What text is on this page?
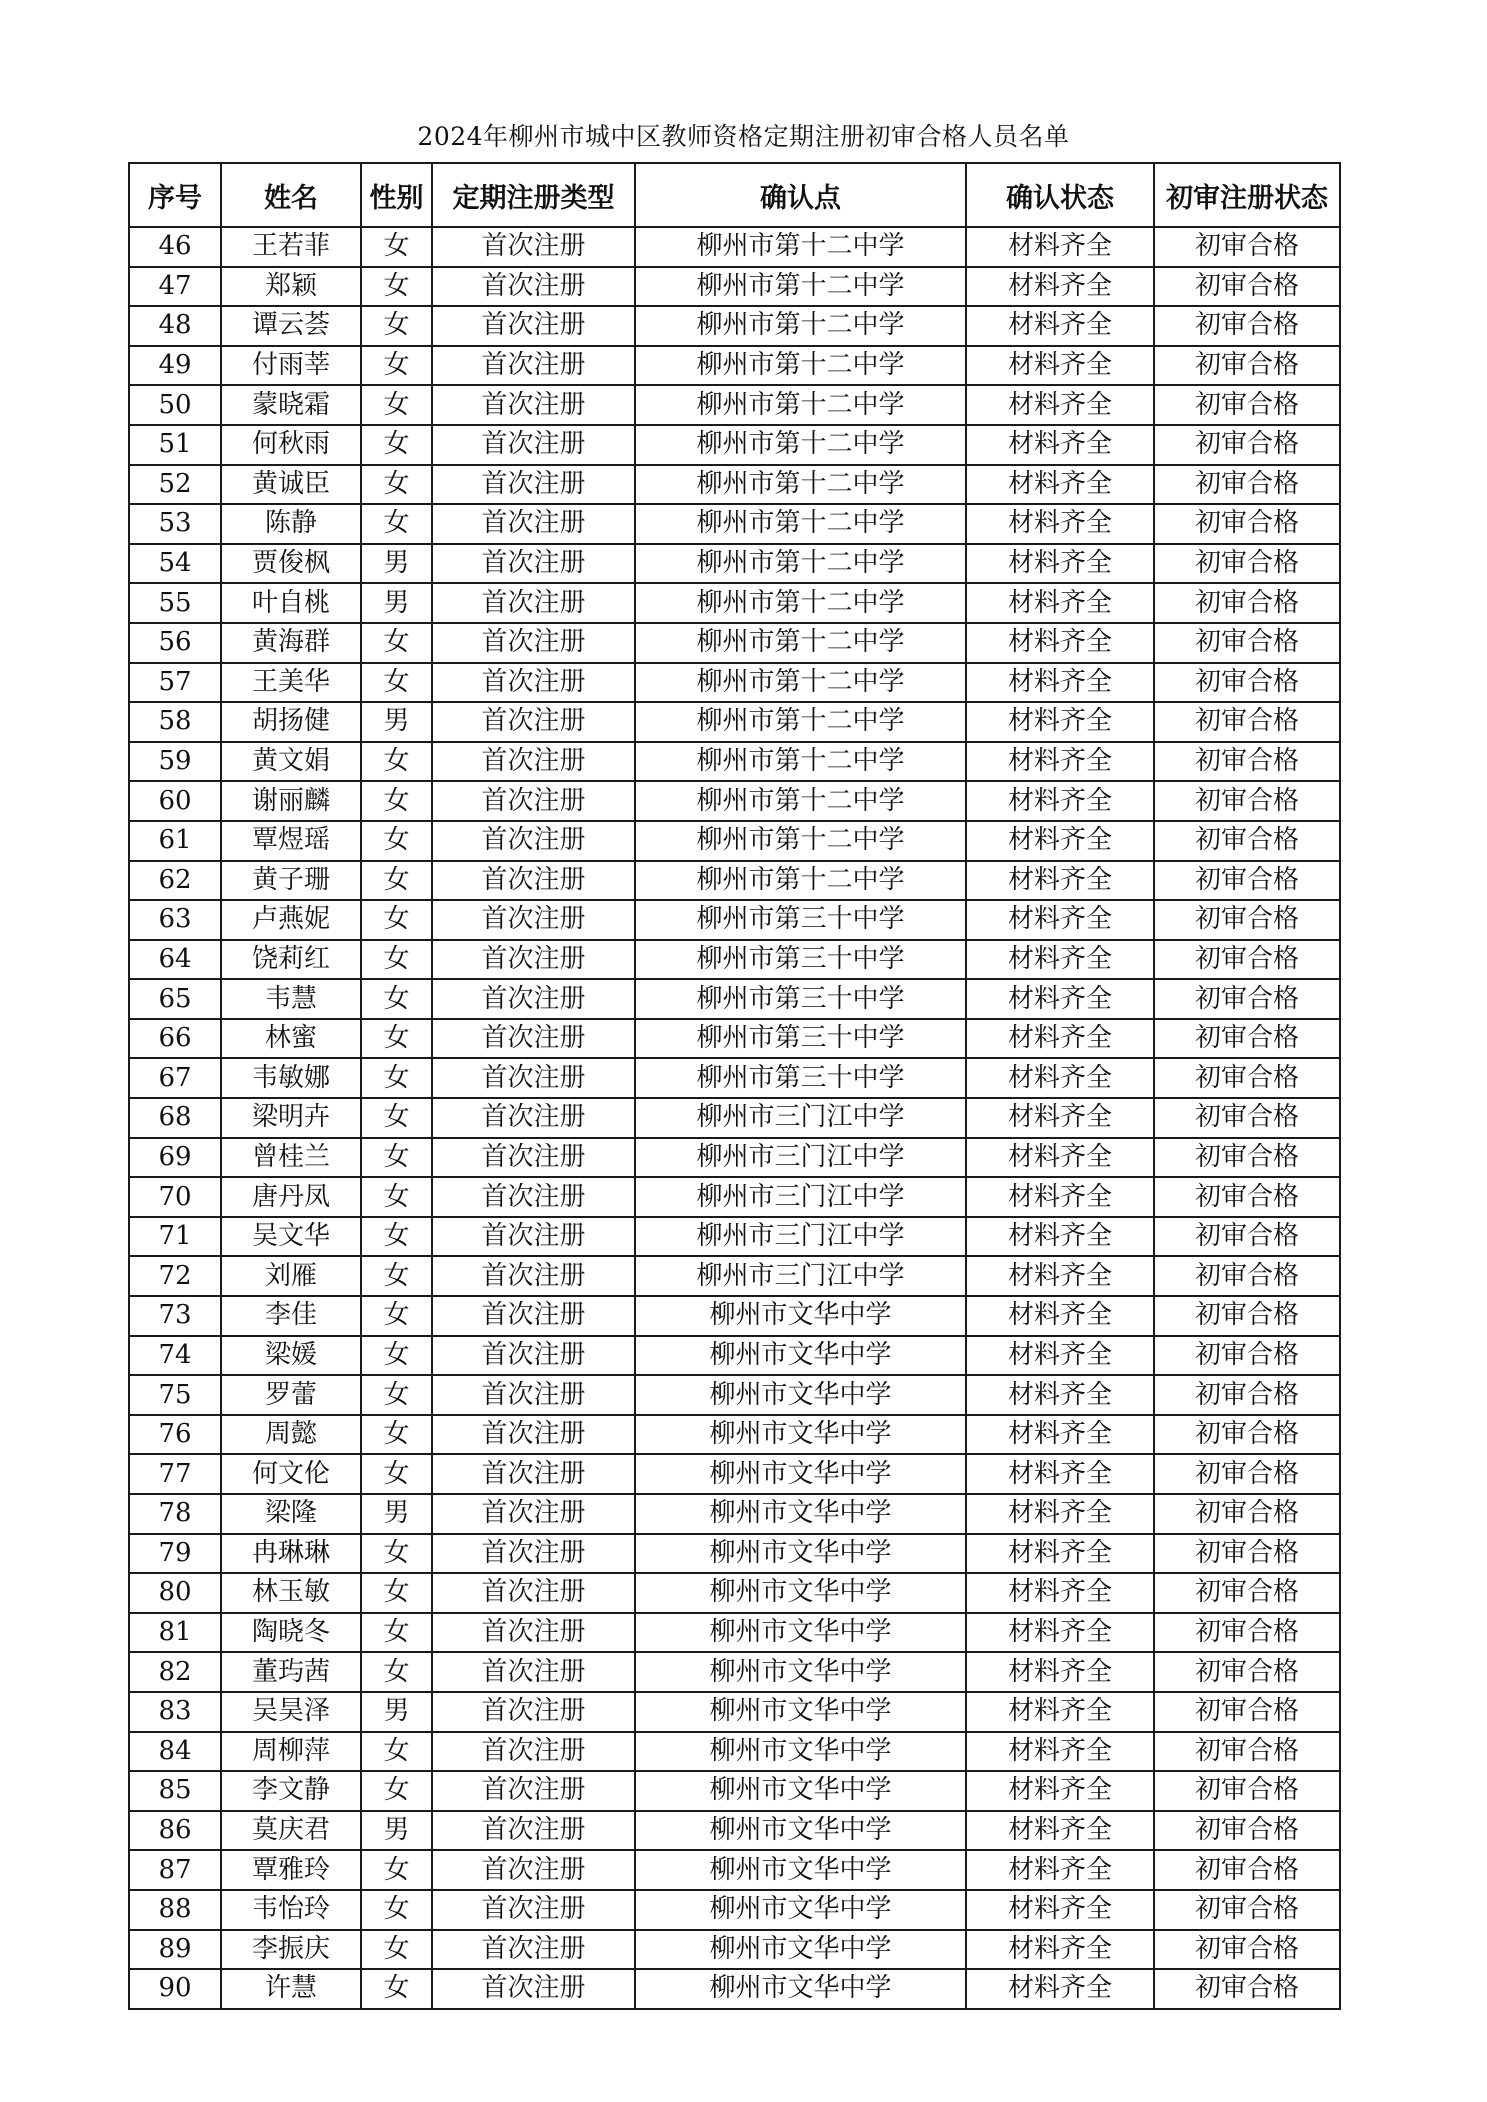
2024年柳州市城中区教师资格定期注册初审合格人员名单
序号	姓名	性别	定期注册类型	确认点	确认状态	初审注册状态
46	王若菲	女	首次注册	柳州市第十二中学	材料齐全	初审合格
47	郑颖	女	首次注册	柳州市第十二中学	材料齐全	初审合格
48	谭云荟	女	首次注册	柳州市第十二中学	材料齐全	初审合格
49	付雨莘	女	首次注册	柳州市第十二中学	材料齐全	初审合格
50	蒙晓霜	女	首次注册	柳州市第十二中学	材料齐全	初审合格
51	何秋雨	女	首次注册	柳州市第十二中学	材料齐全	初审合格
52	黄诚臣	女	首次注册	柳州市第十二中学	材料齐全	初审合格
53	陈静	女	首次注册	柳州市第十二中学	材料齐全	初审合格
54	贾俊枫	男	首次注册	柳州市第十二中学	材料齐全	初审合格
55	叶自桃	男	首次注册	柳州市第十二中学	材料齐全	初审合格
56	黄海群	女	首次注册	柳州市第十二中学	材料齐全	初审合格
57	王美华	女	首次注册	柳州市第十二中学	材料齐全	初审合格
58	胡扬健	男	首次注册	柳州市第十二中学	材料齐全	初审合格
59	黄文娟	女	首次注册	柳州市第十二中学	材料齐全	初审合格
60	谢丽麟	女	首次注册	柳州市第十二中学	材料齐全	初审合格
61	覃煜瑶	女	首次注册	柳州市第十二中学	材料齐全	初审合格
62	黄子珊	女	首次注册	柳州市第十二中学	材料齐全	初审合格
63	卢燕妮	女	首次注册	柳州市第三十中学	材料齐全	初审合格
64	饶莉红	女	首次注册	柳州市第三十中学	材料齐全	初审合格
65	韦慧	女	首次注册	柳州市第三十中学	材料齐全	初审合格
66	林蜜	女	首次注册	柳州市第三十中学	材料齐全	初审合格
67	韦敏娜	女	首次注册	柳州市第三十中学	材料齐全	初审合格
68	梁明卉	女	首次注册	柳州市三门江中学	材料齐全	初审合格
69	曾桂兰	女	首次注册	柳州市三门江中学	材料齐全	初审合格
70	唐丹凤	女	首次注册	柳州市三门江中学	材料齐全	初审合格
71	吴文华	女	首次注册	柳州市三门江中学	材料齐全	初审合格
72	刘雁	女	首次注册	柳州市三门江中学	材料齐全	初审合格
73	李佳	女	首次注册	柳州市文华中学	材料齐全	初审合格
74	梁媛	女	首次注册	柳州市文华中学	材料齐全	初审合格
75	罗蕾	女	首次注册	柳州市文华中学	材料齐全	初审合格
76	周懿	女	首次注册	柳州市文华中学	材料齐全	初审合格
77	何文伦	女	首次注册	柳州市文华中学	材料齐全	初审合格
78	梁隆	男	首次注册	柳州市文华中学	材料齐全	初审合格
79	冉琳琳	女	首次注册	柳州市文华中学	材料齐全	初审合格
80	林玉敏	女	首次注册	柳州市文华中学	材料齐全	初审合格
81	陶晓冬	女	首次注册	柳州市文华中学	材料齐全	初审合格
82	董玙茜	女	首次注册	柳州市文华中学	材料齐全	初审合格
83	吴昊泽	男	首次注册	柳州市文华中学	材料齐全	初审合格
84	周柳萍	女	首次注册	柳州市文华中学	材料齐全	初审合格
85	李文静	女	首次注册	柳州市文华中学	材料齐全	初审合格
86	莫庆君	男	首次注册	柳州市文华中学	材料齐全	初审合格
87	覃雅玲	女	首次注册	柳州市文华中学	材料齐全	初审合格
88	韦怡玲	女	首次注册	柳州市文华中学	材料齐全	初审合格
89	李振庆	女	首次注册	柳州市文华中学	材料齐全	初审合格
90	许慧	女	首次注册	柳州市文华中学	材料齐全	初审合格
